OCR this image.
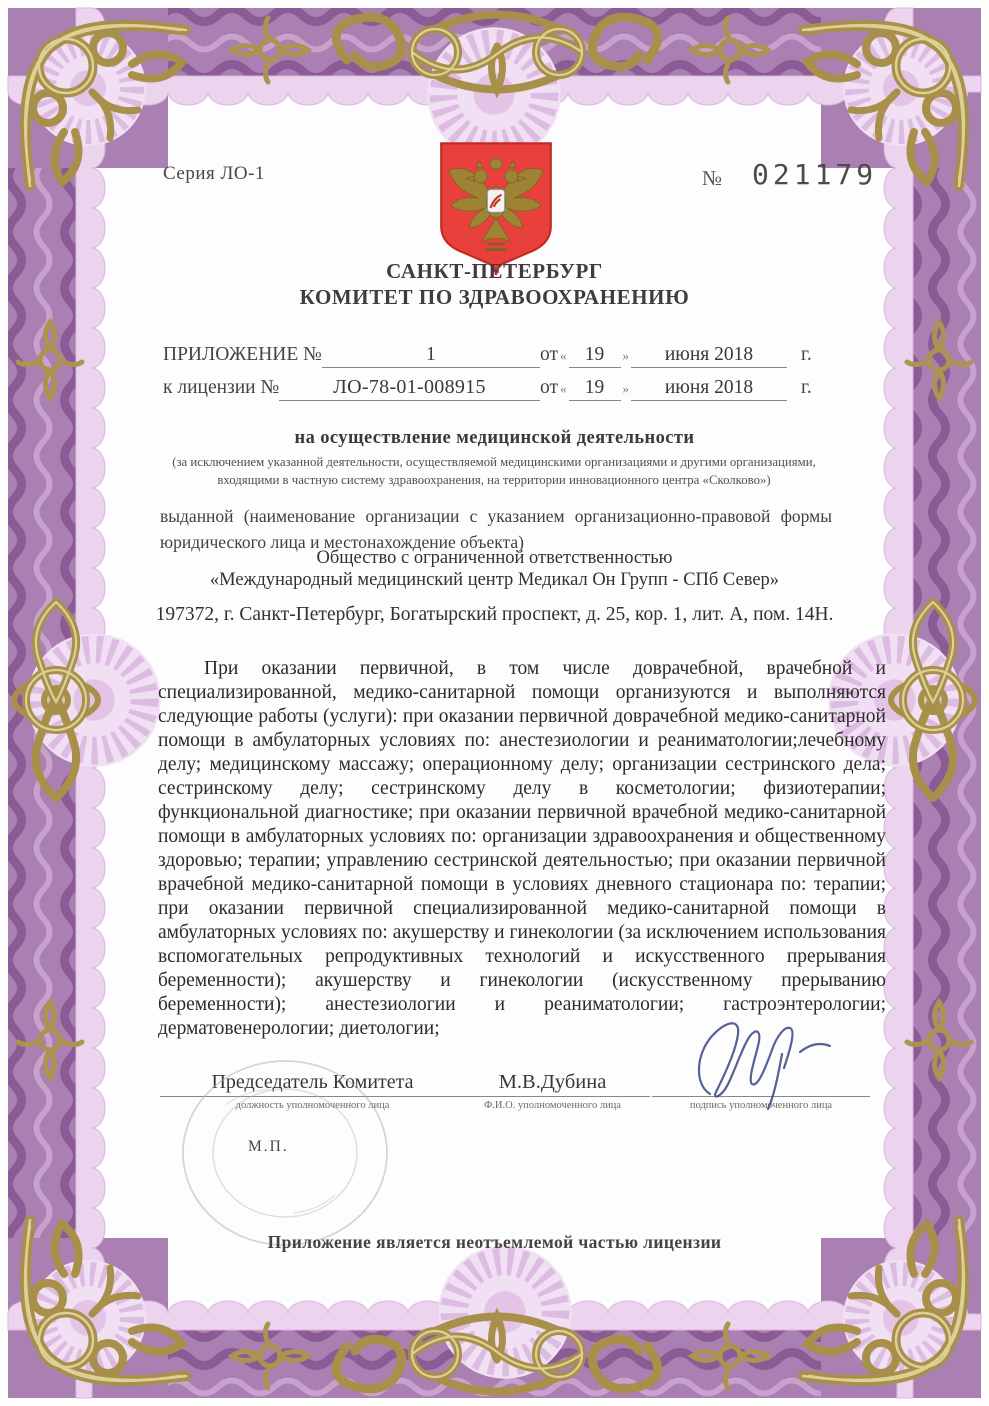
Серия ЛО-1	№ 021179
САНКТ-ПЕТЕРБУРГ
КОМИТЕТ ПО ЗДРАВООХРАНЕНИЮ
ПРИЛОЖЕНИЕ №	1	от « 19	»	июня 2018	г.
к лицензии №	ЛО-78-01-008915	от « 19	»	июня 2018	г.
на осуществление медицинской деятельности
(за исключением указанной деятельности, осуществляемой медицинскими организациями и другими организациями, входящими в частную систему здравоохранения, на территории инновационного центра «Сколково»)
выданной (наименование организации с указанием организационно-правовой формы юридического лица и местонахождение объекта)
Общество с ограниченной ответственностью
«Международный медицинский центр Медикал Он Групп - СПб Север»
197372, г. Санкт-Петербург, Богатырский проспект, д. 25, кор. 1, лит. А, пом. 14Н.
При оказании первичной, в том числе доврачебной, врачебной и специализированной, медико-санитарной помощи организуются и выполняются следующие работы (услуги): при оказании первичной доврачебной медико-санитарной помощи в амбулаторных условиях по: анестезиологии и реаниматологии;лечебному делу; медицинскому массажу; операционному делу; организации сестринского дела; сестринскому делу; сестринскому делу в косметологии; физиотерапии; функциональной диагностике; при оказании первичной врачебной медико-санитарной помощи в амбулаторных условиях по: организации здравоохранения и общественному здоровью; терапии; управлению сестринской деятельностью; при оказании первичной врачебной медико-санитарной помощи в условиях дневного стационара по: терапии; при оказании первичной специализированной медико-санитарной помощи в амбулаторных условиях по: акушерству и гинекологии (за исключением использования вспомогательных репродуктивных технологий и искусственного прерывания беременности); акушерству и гинекологии (искусственному прерыванию беременности); анестезиологии и реаниматологии; гастроэнтерологии; дерматовенерологии; диетологии;
Председатель Комитета
должность уполномоченного лица
М.В.Дубина
Ф.И.О. уполномоченного лица	подпись уполномоченного лица
М.П.
Приложение является неотъемлемой частью лицензии
